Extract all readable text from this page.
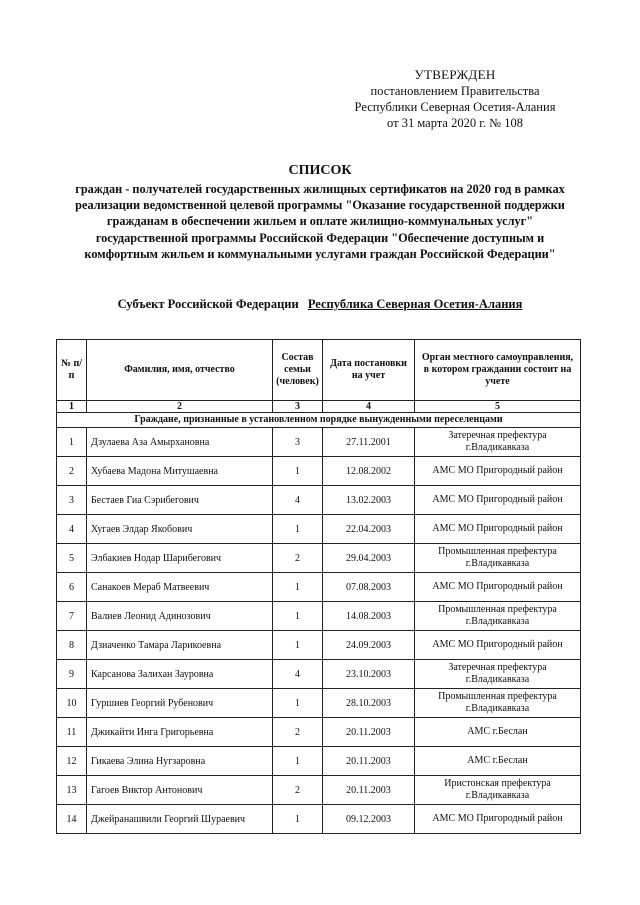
УТВЕРЖДЕН
постановлением Правительства
Республики Северная Осетия-Алания
от 31 марта 2020 г. № 108
СПИСОК
граждан - получателей государственных жилищных сертификатов на 2020 год в рамках реализации ведомственной целевой программы "Оказание государственной поддержки гражданам в обеспечении жильем и оплате жилищно-коммунальных услуг" государственной программы Российской Федерации "Обеспечение доступным и комфортным жильем и коммунальными услугами граждан Российской Федерации"
Субъект Российской Федерации Республика Северная Осетия-Алания
№ п/п	Фамилия, имя, отчество	Состав семьи (человек)	Дата постановки на учет	Орган местного самоуправления, в котором граждании состоит на учете
1	2	3	4	5
Граждане, признанные в установленном порядке вынужденными переселенцами				
1	Дзулаева Аза Амырхановна	3	27.11.2001	Затеречная префектура г.Владикавказа
2	Хубаева Мадона Митушаевна	1	12.08.2002	АМС МО Пригородный район
3	Бестаев Гиа Сэрибегович	4	13.02.2003	АМС МО Пригородный район
4	Хугаев Элдар Якобович	1	22.04.2003	АМС МО Пригородный район
5	Элбакиев Нодар Шарибегович	2	29.04.2003	Промышленная префектура г.Владикавказа
6	Санакоев Мераб Матвеевич	1	07.08.2003	АМС МО Пригородный район
7	Валиев Леонид Адинозович	1	14.08.2003	Промышленная префектура г.Владикавказа
8	Дзиаченко Тамара Ларикоевна	1	24.09.2003	АМС МО Пригородный район
9	Карсанова Залихан Зауровна	4	23.10.2003	Затеречная префектура г.Владикавказа
10	Гуршиев Георгий Рубенович	1	28.10.2003	Промышленная префектура г.Владикавказа
11	Джикайти Инга Григорьевна	2	20.11.2003	АМС г.Беслан
12	Гикаева Элина Нугзаровна	1	20.11.2003	АМС г.Беслан
13	Гагоев Виктор Антонович	2	20.11.2003	Иристонская префектура г.Владикавказа
14	Джейранашвили Георгий Шураевич	1	09.12.2003	АМС МО Пригородный район
